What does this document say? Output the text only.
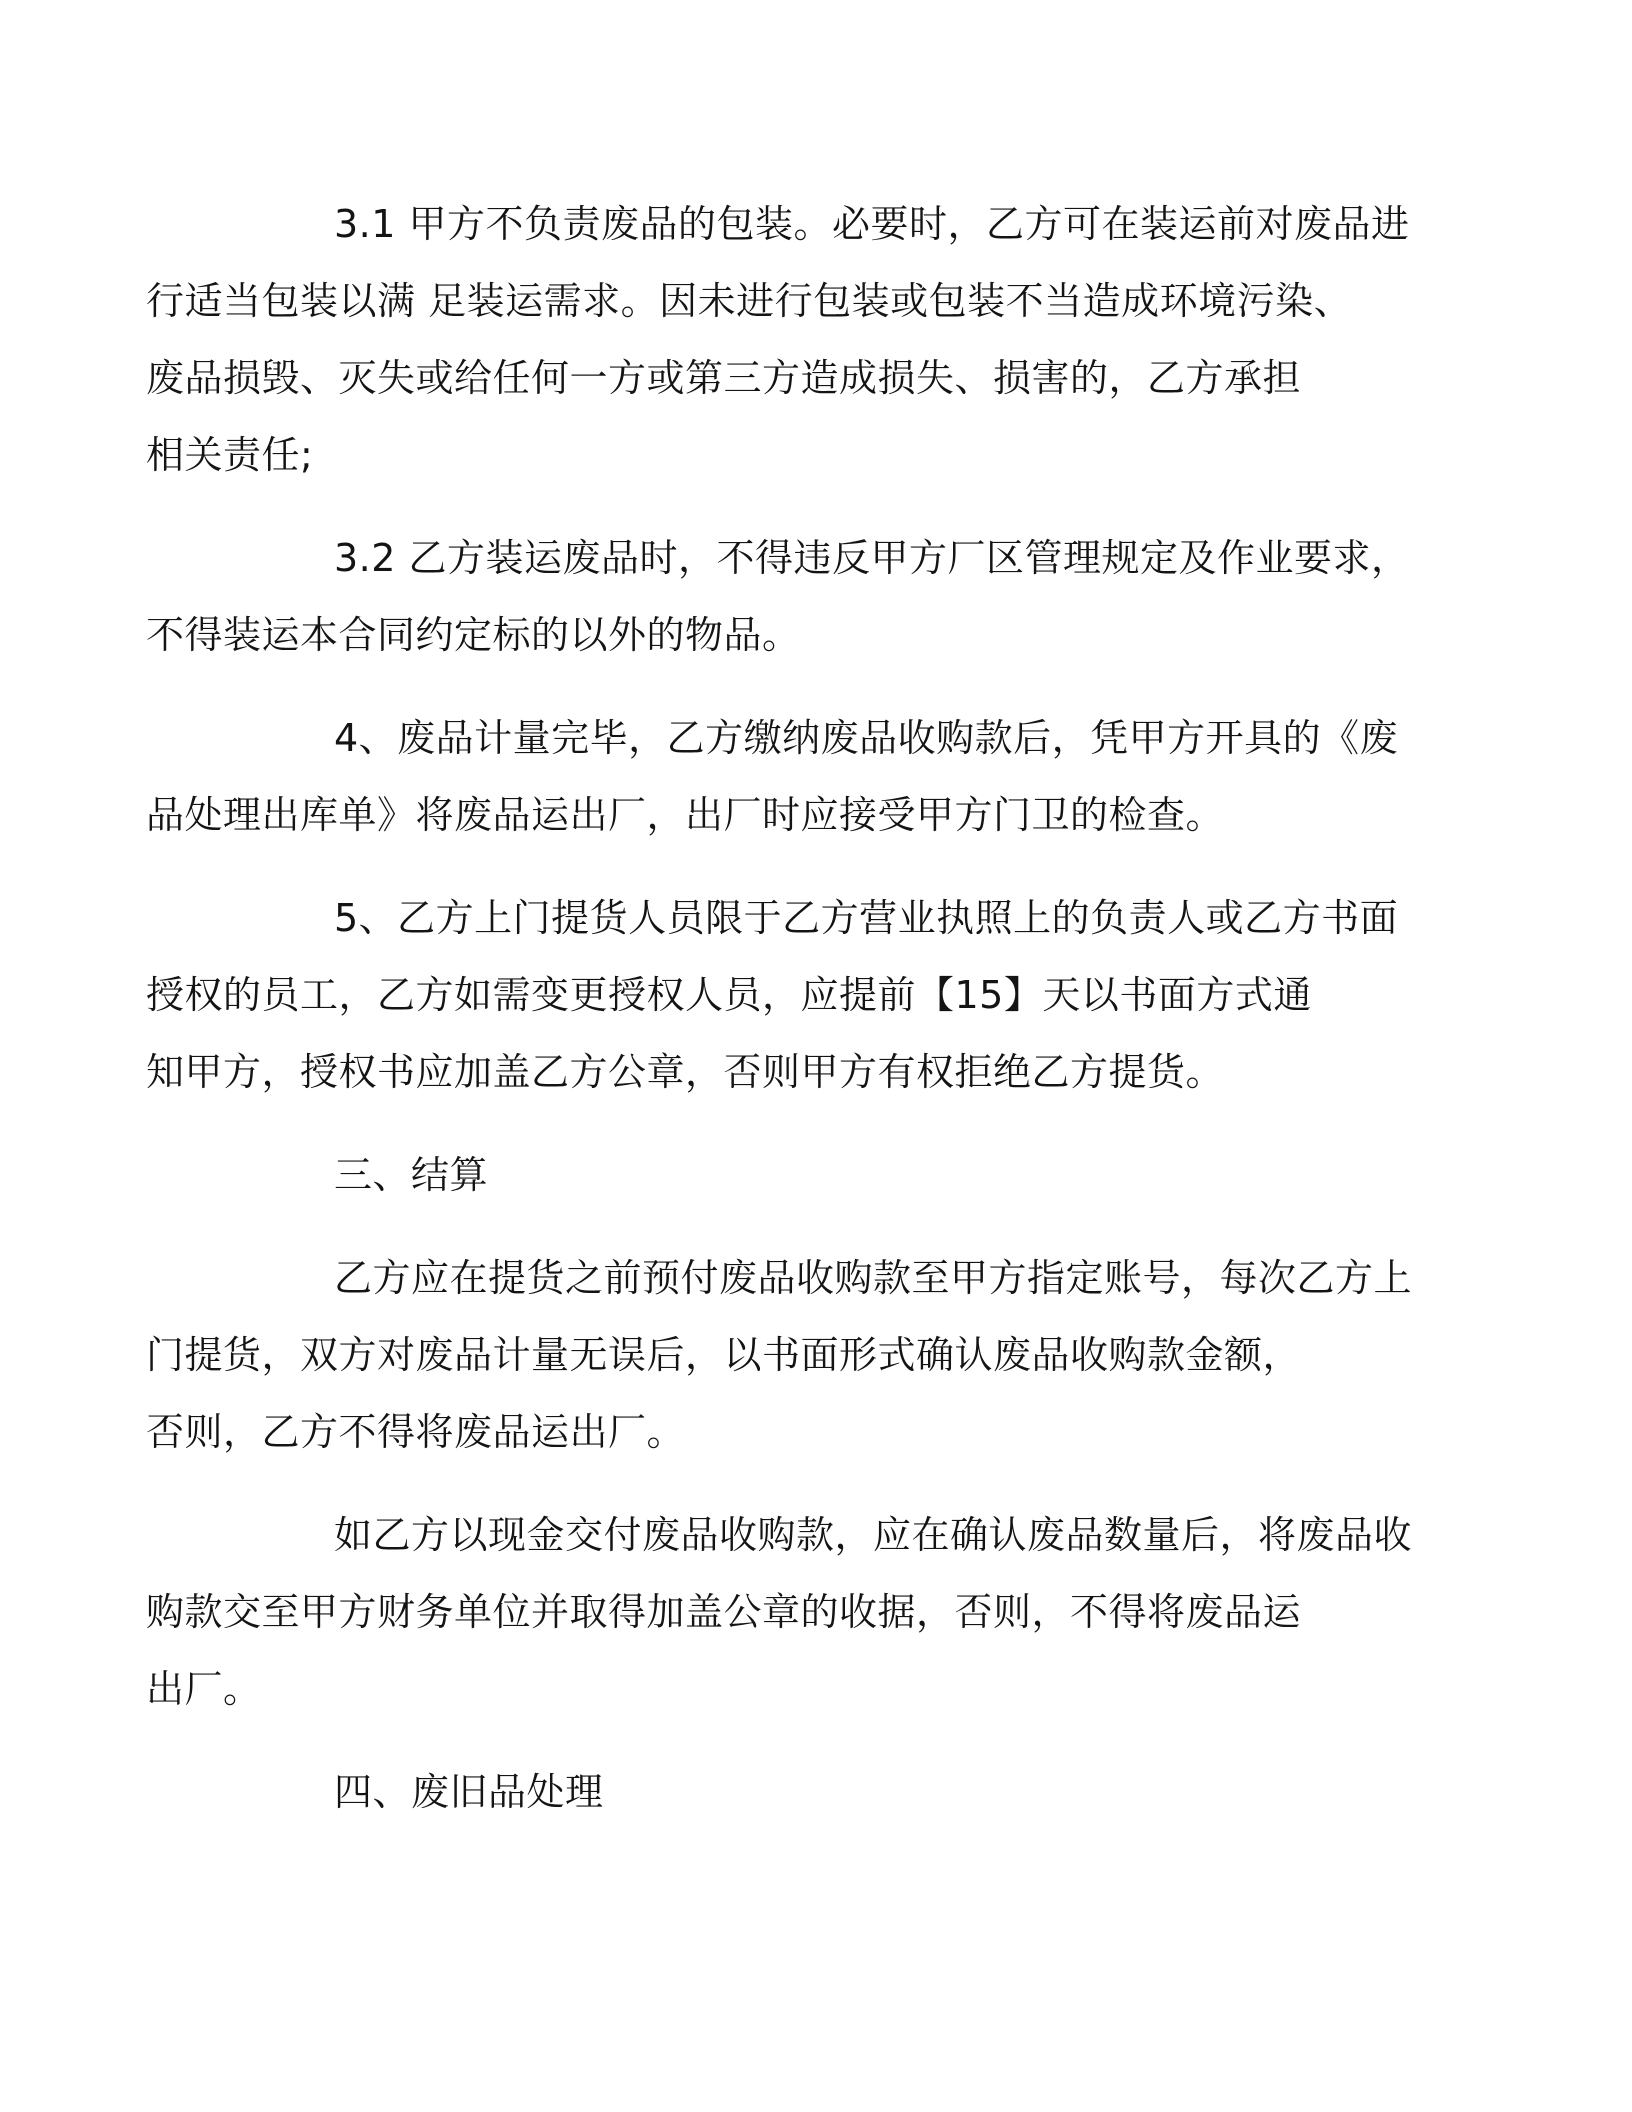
3.1 甲方不负责废品的包装。必要时，乙方可在装运前对废品进
行适当包装以满 足装运需求。因未进行包装或包装不当造成环境污染、
废品损毁、灭失或给任何一方或第三方造成损失、损害的，乙方承担
相关责任;
3.2 乙方装运废品时，不得违反甲方厂区管理规定及作业要求，
不得装运本合同约定标的以外的物品。
4、废品计量完毕，乙方缴纳废品收购款后，凭甲方开具的《废
品处理出库单》将废品运出厂，出厂时应接受甲方门卫的检查。
5、乙方上门提货人员限于乙方营业执照上的负责人或乙方书面
授权的员工，乙方如需变更授权人员，应提前【15】天以书面方式通
知甲方，授权书应加盖乙方公章，否则甲方有权拒绝乙方提货。
三、结算
乙方应在提货之前预付废品收购款至甲方指定账号，每次乙方上
门提货，双方对废品计量无误后，以书面形式确认废品收购款金额，
否则，乙方不得将废品运出厂。
如乙方以现金交付废品收购款，应在确认废品数量后，将废品收
购款交至甲方财务单位并取得加盖公章的收据，否则，不得将废品运
出厂。
四、废旧品处理
